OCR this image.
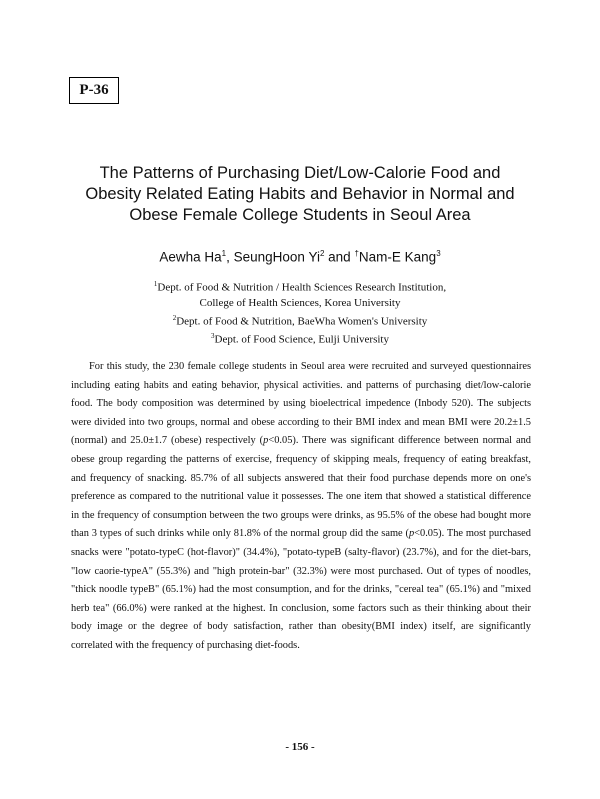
P-36
The Patterns of Purchasing Diet/Low-Calorie Food and
Obesity Related Eating Habits and Behavior in Normal and
Obese Female College Students in Seoul Area
Aewha Ha$^1$, SeungHoon Yi$^2$ and †Nam-E Kang$^3$
$^1$Dept. of Food & Nutrition / Health Sciences Research Institution,
College of Health Sciences, Korea University
$^2$Dept. of Food & Nutrition, BaeWha Women's University
$^3$Dept. of Food Science, Eulji University

For this study, the 230 female college students in Seoul area were recruited and surveyed questionnaires including eating habits and eating behavior, physical activities. and patterns of purchasing diet/low-calorie food. The body composition was determined by using bioelectrical impedence (Inbody 520). The subjects were divided into two groups, normal and obese according to their BMI index and mean BMI were 20.2±1.5 (normal) and 25.0±1.7 (obese) respectively (p<0.05). There was significant difference between normal and obese group regarding the patterns of exercise, frequency of skipping meals, frequency of eating breakfast, and frequency of snacking. 85.7% of all subjects answered that their food purchase depends more on one's preference as compared to the nutritional value it possesses. The one item that showed a statistical difference in the frequency of consumption between the two groups were drinks, as 95.5% of the obese had bought more than 3 types of such drinks while only 81.8% of the normal group did the same (p<0.05). The most purchased snacks were "potato-typeC (hot-flavor)" (34.4%), "potato-typeB (salty-flavor) (23.7%), and for the diet-bars, "low caorie-typeA" (55.3%) and "high protein-bar" (32.3%) were most purchased. Out of types of noodles, "thick noodle typeB" (65.1%) had the most consumption, and for the drinks, "cereal tea" (65.1%) and "mixed herb tea" (66.0%) were ranked at the highest. In conclusion, some factors such as their thinking about their body image or the degree of body satisfaction, rather than obesity(BMI index) itself, are significantly correlated with the frequency of purchasing diet-foods.

- 156 -
